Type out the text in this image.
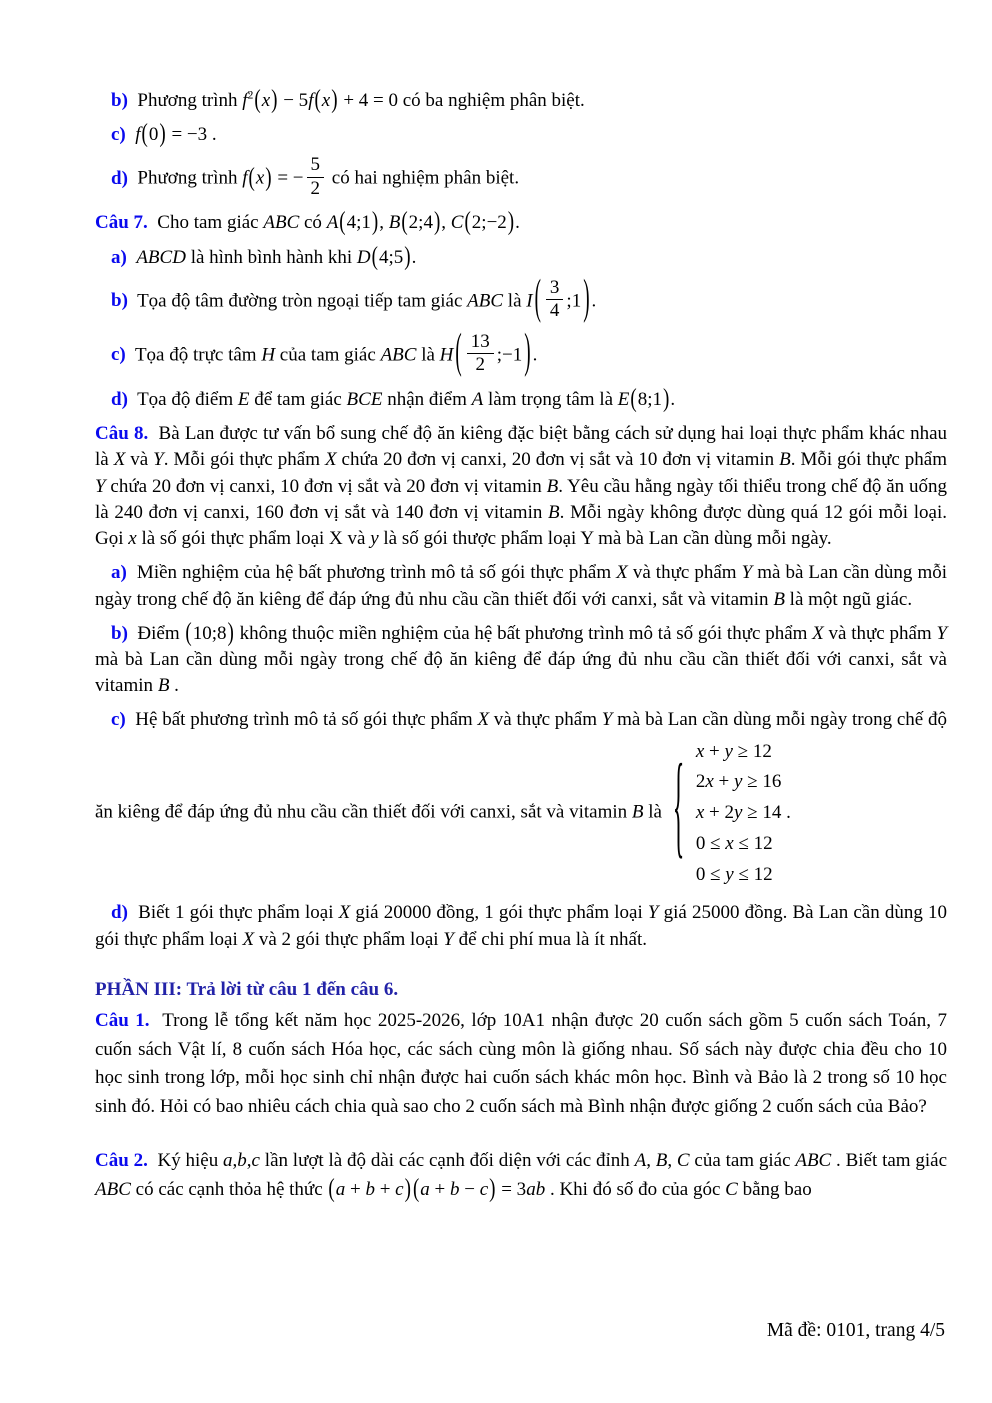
b) Phương trình $f^2(x) - 5f(x) + 4 = 0$ có ba nghiệm phân biệt.

c) f(0) = −3 .

d) Phương trình f(x) = − $\frac{5}{2}$ có hai nghiệm phân biệt.

Câu 7. Cho tam giác ABC có A(4;1), B(2;4), C(2;−2).

a) ABCD là hình bình hành khi D(4;5).

b) Tọa độ tâm đường tròn ngoại tiếp tam giác ABC là I ( $\frac{3}{4}$ ;1 ) .

c) Tọa độ trực tâm H của tam giác ABC là H ( $\frac{13}{2}$ ;−1 ) .

d) Tọa độ điểm E để tam giác BCE nhận điểm A làm trọng tâm là E(8;1).

Câu 8. Bà Lan được tư vấn bổ sung chế độ ăn kiêng đặc biệt bằng cách sử dụng hai loại thực phẩm khác nhau là X và Y. Mỗi gói thực phẩm X chứa 20 đơn vị canxi, 20 đơn vị sắt và 10 đơn vị vitamin B. Mỗi gói thực phẩm Y chứa 20 đơn vị canxi, 10 đơn vị sắt và 20 đơn vị vitamin B. Yêu cầu hằng ngày tối thiểu trong chế độ ăn uống là 240 đơn vị canxi, 160 đơn vị sắt và 140 đơn vị vitamin B. Mỗi ngày không được dùng quá 12 gói mỗi loại. Gọi x là số gói thực phẩm loại X và y là số gói thược phẩm loại Y mà bà Lan cần dùng mỗi ngày.

a) Miền nghiệm của hệ bất phương trình mô tả số gói thực phẩm X và thực phẩm Y mà bà Lan cần dùng mỗi ngày trong chế độ ăn kiêng để đáp ứng đủ nhu cầu cần thiết đối với canxi, sắt và vitamin B là một ngũ giác.

b) Điểm (10;8) không thuộc miền nghiệm của hệ bất phương trình mô tả số gói thực phẩm X và thực phẩm Y mà bà Lan cần dùng mỗi ngày trong chế độ ăn kiêng để đáp ứng đủ nhu cầu cần thiết đối với canxi, sắt và vitamin B .

c) Hệ bất phương trình mô tả số gói thực phẩm X và thực phẩm Y mà bà Lan cần dùng mỗi ngày trong chế độ ăn kiêng để đáp ứng đủ nhu cầu cần thiết đối với canxi, sắt và vitamin B là { x + y ≥ 12
2x + y ≥ 16
x + 2y ≥ 14 .
0 ≤ x ≤ 12
0 ≤ y ≤ 12

d) Biết 1 gói thực phẩm loại X giá 20000 đồng, 1 gói thực phẩm loại Y giá 25000 đồng. Bà Lan cần dùng 10 gói thực phẩm loại X và 2 gói thực phẩm loại Y để chi phí mua là ít nhất.

PHẦN III: Trả lời từ câu 1 đến câu 6.

Câu 1. Trong lễ tổng kết năm học 2025-2026, lớp 10A1 nhận được 20 cuốn sách gồm 5 cuốn sách Toán, 7 cuốn sách Vật lí, 8 cuốn sách Hóa học, các sách cùng môn là giống nhau. Số sách này được chia đều cho 10 học sinh trong lớp, mỗi học sinh chỉ nhận được hai cuốn sách khác môn học. Bình và Bảo là 2 trong số 10 học sinh đó. Hỏi có bao nhiêu cách chia quà sao cho 2 cuốn sách mà Bình nhận được giống 2 cuốn sách của Bảo?

Câu 2. Ký hiệu a,b,c lần lượt là độ dài các cạnh đối diện với các đỉnh A, B, C của tam giác ABC . Biết tam giác ABC có các cạnh thỏa hệ thức (a + b + c) (a + b − c) = 3ab . Khi đó số đo của góc C bằng bao

Mã đề: 0101, trang 4/5
